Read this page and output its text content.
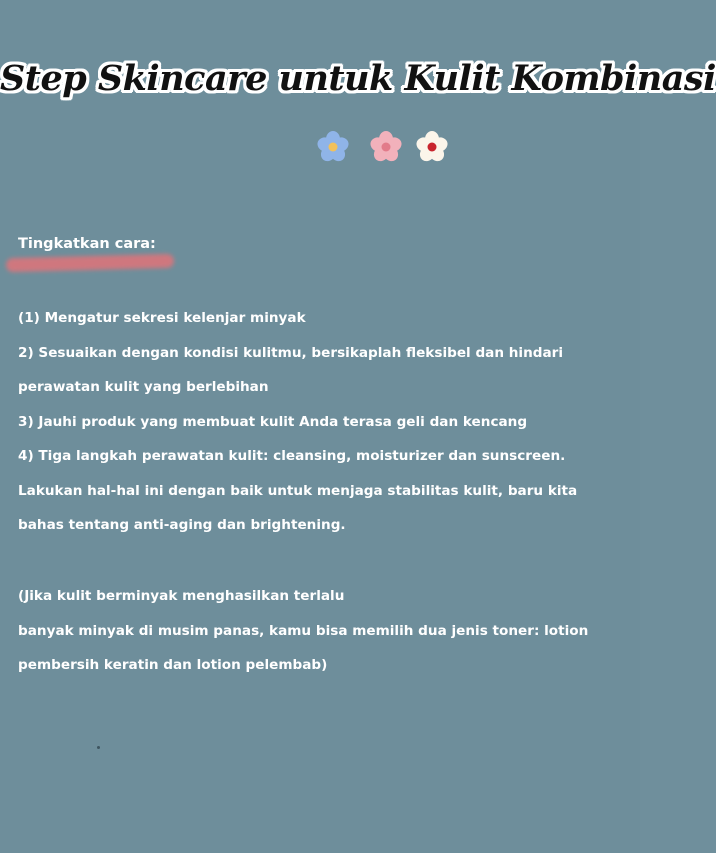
Step Skincare untuk Kulit Kombinasi
Tingkatkan cara:
(1) Mengatur sekresi kelenjar minyak
2) Sesuaikan dengan kondisi kulitmu, bersikaplah fleksibel dan hindari
perawatan kulit yang berlebihan
3) Jauhi produk yang membuat kulit Anda terasa geli dan kencang
4) Tiga langkah perawatan kulit: cleansing, moisturizer dan sunscreen.
Lakukan hal-hal ini dengan baik untuk menjaga stabilitas kulit, baru kita
bahas tentang anti-aging dan brightening.
(Jika kulit berminyak menghasilkan terlalu
banyak minyak di musim panas, kamu bisa memilih dua jenis toner: lotion
pembersih keratin dan lotion pelembab)
